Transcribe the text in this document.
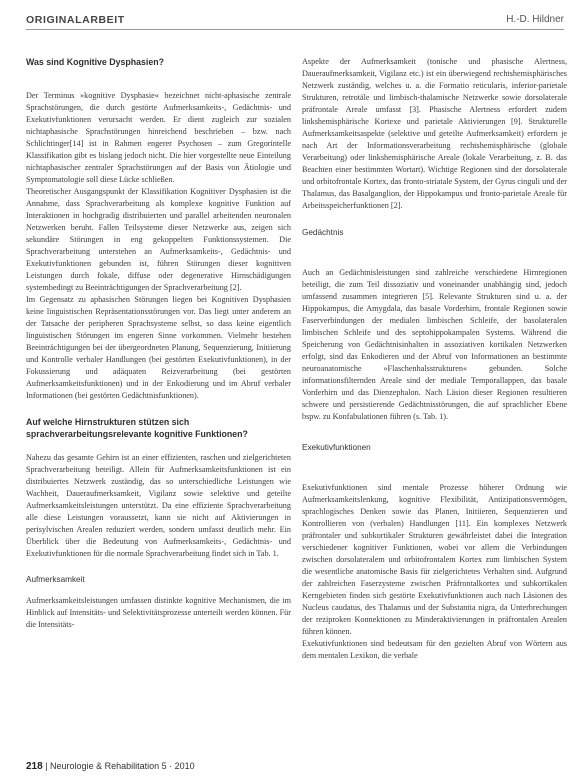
ORIGINALARBEIT	H.-D. Hildner
Was sind Kognitive Dysphasien?

Der Terminus »kognitive Dysphasie« bezeichnet nicht-aphasische zentrale Sprachstörungen, die durch gestörte Aufmerksamkeits-, Gedächtnis- und Exekutivfunktionen verursacht werden. Er dient zugleich zur sozialen nichtaphasische Sprachstörungen hinreichend beschrieben – bzw. nach Schlichtinger[14] ist in Rahmen engerer Psychosen – zum Gregorintelle Klassifikation gibt es bislang jedoch nicht. Die hier vorgestellte neue Einteilung nichtaphasischer zentraler Sprachstörungen auf der Basis von Ätiologie und Symptomatologie soll diese Lücke schließen.

Theoretischer Ausgangspunkt der Klassifikation Kognitiver Dysphasien ist die Annahme, dass Sprachverarbeitung als komplexe kognitive Funktion auf Interaktionen in hochgradig distribuierten und parallel arbeitenden neuronalen Netzwerken beruht. Fallen Teilsysteme dieser Netzwerke aus, zeigen sich sekundäre Störungen in eng gekoppelten Funktionssystemen. Die Sprachverarbeitung unterstehen an Aufmerksamkeits-, Gedächtnis- und Exekutivfunktionen gebunden ist, führen Störungen dieser kognitiven Leistungen durch fokale, diffuse oder degenerative Hirnschädigungen systembedingt zu Beeinträchtigungen der Sprachverarbeitung [2].

Im Gegensatz zu aphasischen Störungen liegen bei Kognitiven Dysphasien keine linguistischen Repräsentationsstörungen vor. Das liegt unter anderem an der Tatsache der peripheren Sprachsysteme selbst, so dass keine eigentlich linguistischen Störungen im engeren Sinne vorkommen. Vielmehr bestehen Beeinträchtigungen bei der übergeordneten Planung, Sequenzierung, Initiierung und Kontrolle verbaler Handlungen (bei gestörten Exekutivfunktionen), in der Fokussierung und adäquaten Reizverarbeitung (bei gestörten Aufmerksamkeitsfunktionen) und in der Enkodierung und im Abruf verbaler Informationen (bei gestörten Gedächtnisfunktionen).

Auf welche Hirnstrukturen stützen sich sprachverarbeitungsrelevante kognitive Funktionen?

Nahezu das gesamte Gehirn ist an einer effizienten, raschen und zielgerichteten Sprachverarbeitung beteiligt. Allein für Aufmerksamkeitsfunktionen ist ein distribuiertes Netzwerk zuständig, das so unterschiedliche Leistungen wie Wachheit, Daueraufmerksamkeit, Vigilanz sowie selektive und geteilte Aufmerksamkeitsleistungen unterstützt. Da eine effiziente Sprachverarbeitung alle diese Leistungen voraussetzt, kann sie nicht auf Aktivierungen in perisylvischen Arealen reduziert werden, sondern umfasst deutlich mehr. Ein Überblick über die Bedeutung von Aufmerksamkeits-, Gedächtnis- und Exekutivfunktionen für die normale Sprachverarbeitung findet sich in Tab. 1.

Aufmerksamkeit

Aufmerksamkeitsleistungen umfassen distinkte kognitive Mechanismen, die im Hinblick auf Intensitäts- und Selektivitätsprozesse unterteilt werden können. Für die Intensitäts-

Aspekte der Aufmerksamkeit (tonische und phasische Alertness, Daueraufmerksamkeit, Vigilanz etc.) ist ein überwiegend rechtshemisphärisches Netzwerk zuständig, welches u. a. die Formatio reticularis, inferior-parietale Strukturen, retrotäle und limbisch-thalamische Netzwerke sowie dorsolaterale präfrontale Areale umfasst [3]. Phasische Alertness erfordert zudem linkshemisphärische Kortexe und parietale Aktivierungen [9]. Strukturelle Aufmerksamkeitsaspekte (selektive und geteilte Aufmerksamkeit) erfordern je nach Art der Informationsverarbeitung rechtshemisphärische (globale Verarbeitung) oder linkshemisphärische Areale (lokale Verarbeitung, z. B. das Beachten einer bestimmten Wortart). Wichtige Regionen sind der dorsolaterale und orbitofrontale Kortex, das fronto-striatale System, der Gyrus cinguli und der Thalamus, das Basalganglion, der Hippokampus und fronto-parietale Areale für Arbeitsspeicherfunktionen [2].

Gedächtnis

Auch an Gedächtnisleistungen sind zahlreiche verschiedene Hirnregionen beteiligt, die zum Teil dissoziativ und voneinander unabhängig sind, jedoch umfassend zusammen integrieren [5]. Relevante Strukturen sind u. a. der Hippokampus, die Amygdala, das basale Vorderhirn, frontale Regionen sowie Faserverbindungen der medialen limbischen Schleife, der basolateralen limbischen Schleife und des septohippokampalen Systems. Während die Speicherung von Gedächtnisinhalten in assoziativen kortikalen Netzwerken erfolgt, sind das Enkodieren und der Abruf von Informationen an bestimmte neuroanatomische »Flaschenhalsstrukturen« gebunden. Solche informationsfilternden Areale sind der mediale Temporallappen, das basale Vorderhirn und das Dienzephalon. Nach Läsion dieser Regionen resultieren schwere und persistierende Gedächtnisstörungen, die auf sprachlicher Ebene bspw. zu Konfabulationen führen (s. Tab. 1).

Exekutivfunktionen

Exekutivfunktionen sind mentale Prozesse höherer Ordnung wie Aufmerksamkeitslenkung, kognitive Flexibilität, Antizipationsvermögen, sprachlogisches Denken sowie das Planen, Initiieren, Sequenzieren und Kontrollieren von (verbalen) Handlungen [11]. Ein komplexes Netzwerk präfrontaler und subkortikaler Strukturen gewährleistet dabei die Integration verschiedener kognitiver Funktionen, wobei vor allem die Verbindungen zwischen dorsolateralem und orbitofrontalem Kortex zum limbischen System die wesentliche anatomische Basis für zielgerichtetes Verhalten sind. Aufgrund der zahlreichen Faserzysteme zwischen Präfrontalkortex und subkortikalen Kerngebieten finden sich gestörte Exekutivfunktionen auch nach Läsionen des Nucleus caudatus, des Thalamus und der Substantia nigra, da Unterbrechungen der reziproken Konnektionen zu Minderaktivierungen in präfrontalen Arealen führen können.

Exekutivfunktionen sind bedeutsam für den gezielten Abruf von Wörtern aus dem mentalen Lexikon, die verbale

218 | Neurologie & Rehabilitation 5 · 2010
